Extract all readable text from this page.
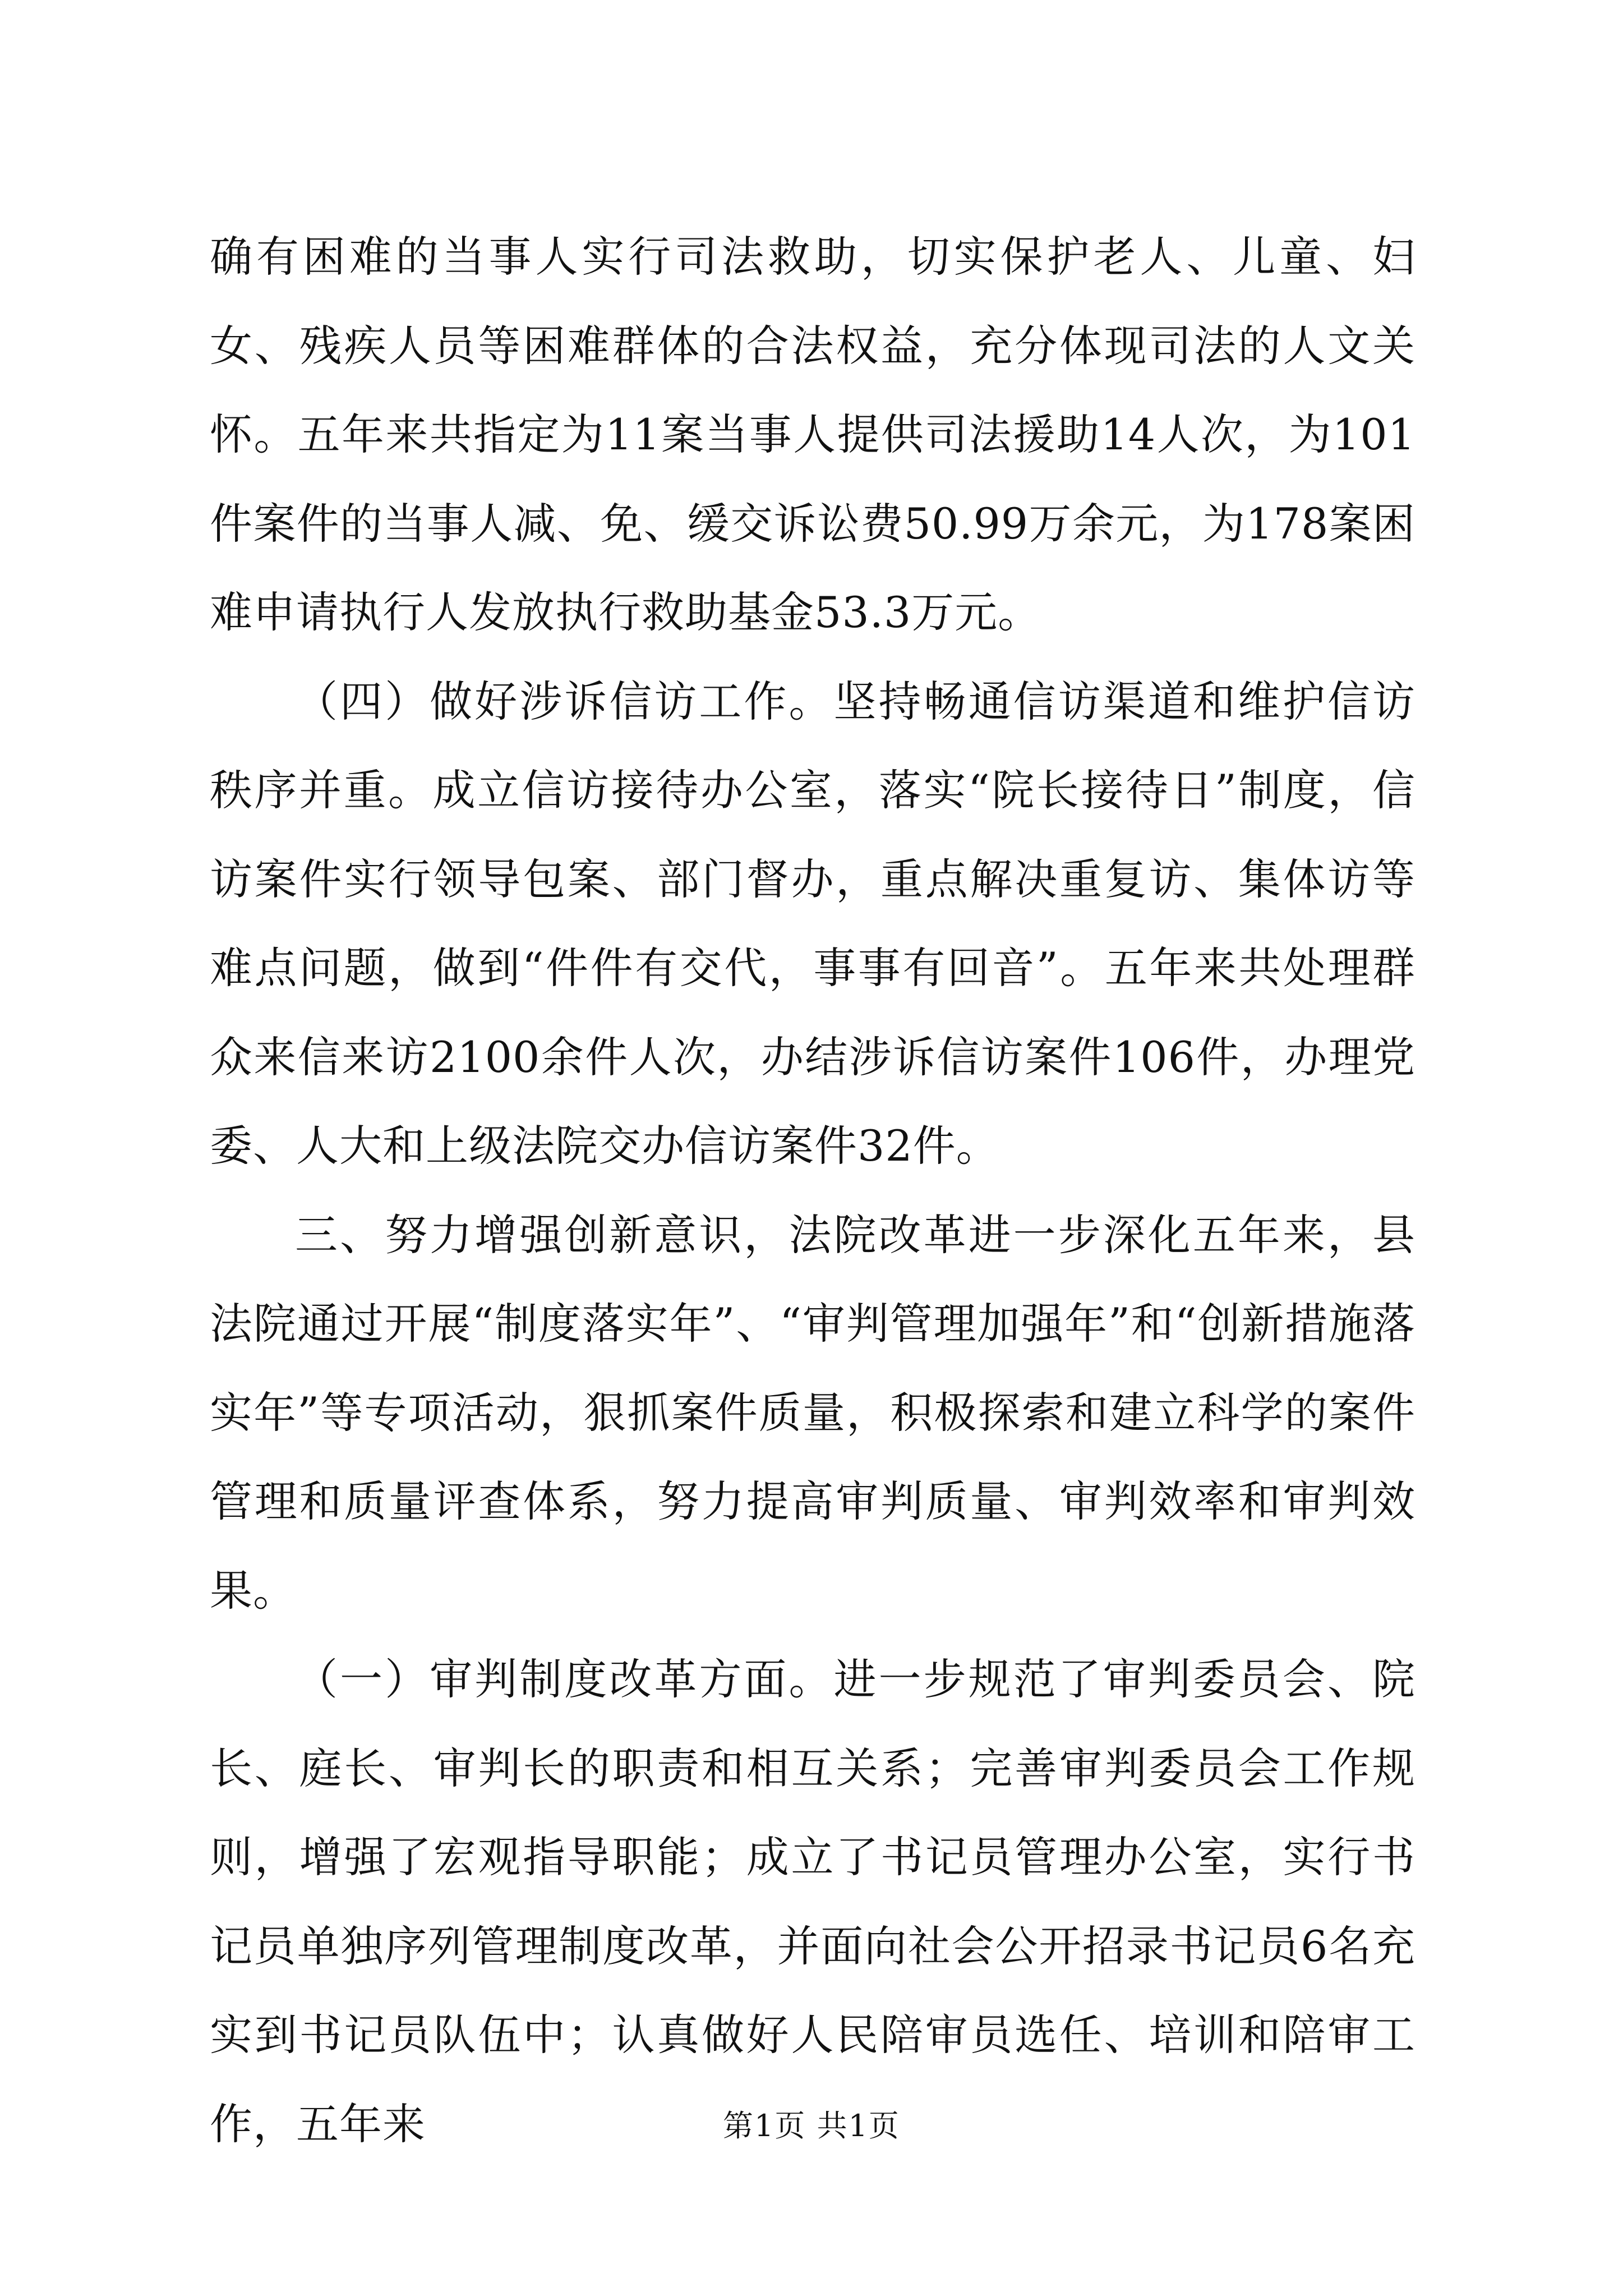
确有困难的当事人实行司法救助，切实保护老人、儿童、妇女、残疾人员等困难群体的合法权益，充分体现司法的人文关怀。五年来共指定为11案当事人提供司法援助14人次，为101件案件的当事人减、免、缓交诉讼费50.99万余元，为178案困难申请执行人发放执行救助基金53.3万元。

（四）做好涉诉信访工作。坚持畅通信访渠道和维护信访秩序并重。成立信访接待办公室，落实“院长接待日”制度，信访案件实行领导包案、部门督办，重点解决重复访、集体访等难点问题，做到“件件有交代，事事有回音”。五年来共处理群众来信来访2100余件人次，办结涉诉信访案件106件，办理党委、人大和上级法院交办信访案件32件。

三、努力增强创新意识，法院改革进一步深化五年来，县法院通过开展“制度落实年”、“审判管理加强年”和“创新措施落实年”等专项活动，狠抓案件质量，积极探索和建立科学的案件管理和质量评查体系，努力提高审判质量、审判效率和审判效果。

（一）审判制度改革方面。进一步规范了审判委员会、院长、庭长、审判长的职责和相互关系；完善审判委员会工作规则，增强了宏观指导职能；成立了书记员管理办公室，实行书记员单独序列管理制度改革，并面向社会公开招录书记员6名充实到书记员队伍中；认真做好人民陪审员选任、培训和陪审工作，五年来	第1页 共1页
